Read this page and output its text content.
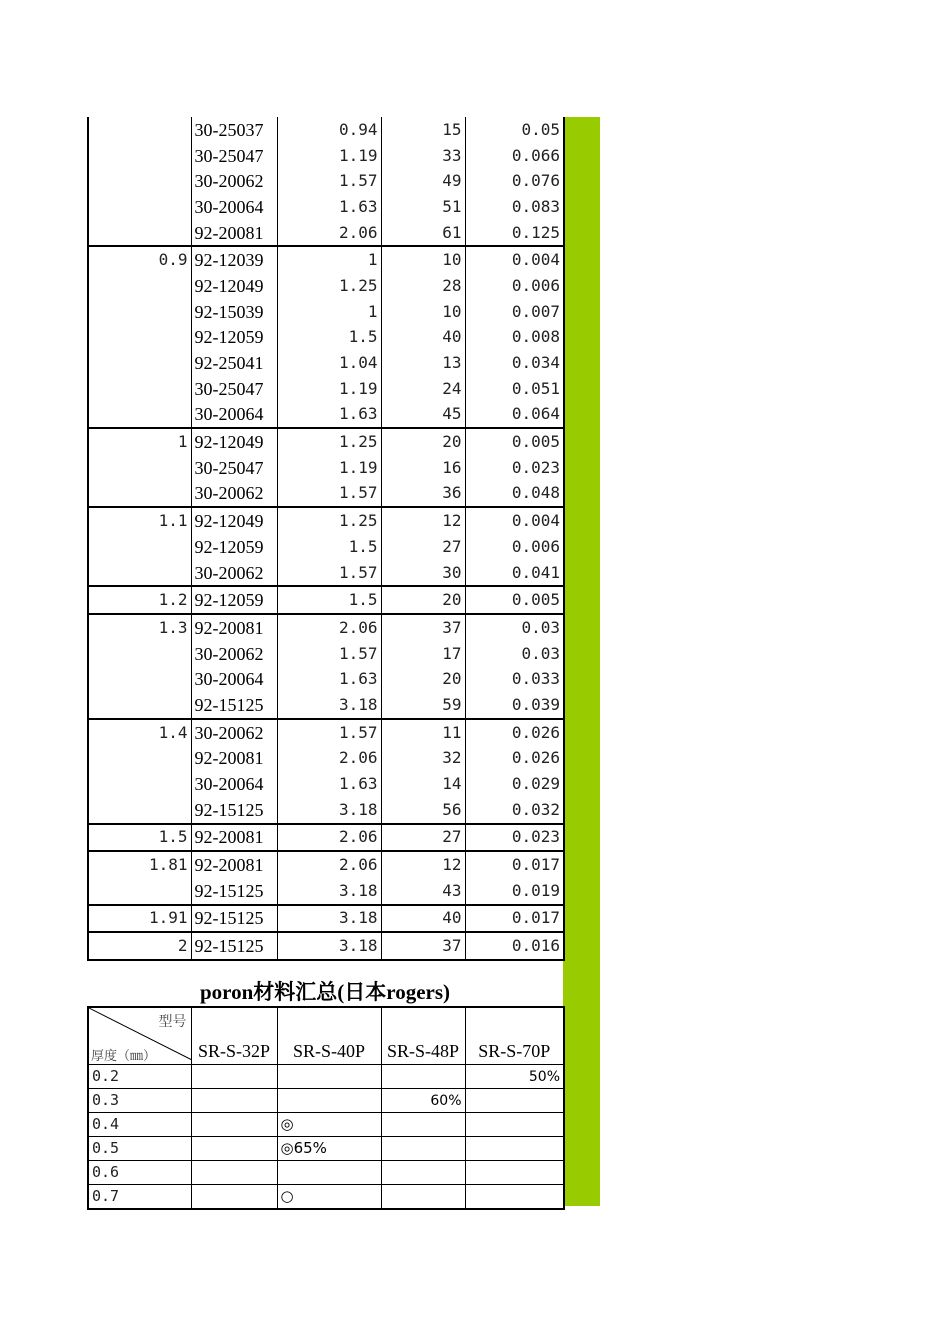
	30-25037	0.94	15	0.05
	30-25047	1.19	33	0.066
	30-20062	1.57	49	0.076
	30-20064	1.63	51	0.083
	92-20081	2.06	61	0.125
0.9	92-12039	1	10	0.004
	92-12049	1.25	28	0.006
	92-15039	1	10	0.007
	92-12059	1.5	40	0.008
	92-25041	1.04	13	0.034
	30-25047	1.19	24	0.051
	30-20064	1.63	45	0.064
1	92-12049	1.25	20	0.005
	30-25047	1.19	16	0.023
	30-20062	1.57	36	0.048
1.1	92-12049	1.25	12	0.004
	92-12059	1.5	27	0.006
	30-20062	1.57	30	0.041
1.2	92-12059	1.5	20	0.005
1.3	92-20081	2.06	37	0.03
	30-20062	1.57	17	0.03
	30-20064	1.63	20	0.033
	92-15125	3.18	59	0.039
1.4	30-20062	1.57	11	0.026
	92-20081	2.06	32	0.026
	30-20064	1.63	14	0.029
	92-15125	3.18	56	0.032
1.5	92-20081	2.06	27	0.023
1.81	92-20081	2.06	12	0.017
	92-15125	3.18	43	0.019
1.91	92-15125	3.18	40	0.017
2	92-15125	3.18	37	0.016
poron材料汇总(日本rogers)
型号
厚度（㎜）	SR-S-32P	SR-S-40P	SR-S-48P	SR-S-70P
0.2				50%
0.3			60%	
0.4		◎		
0.5		◎65%		
0.6				
0.7		○		
